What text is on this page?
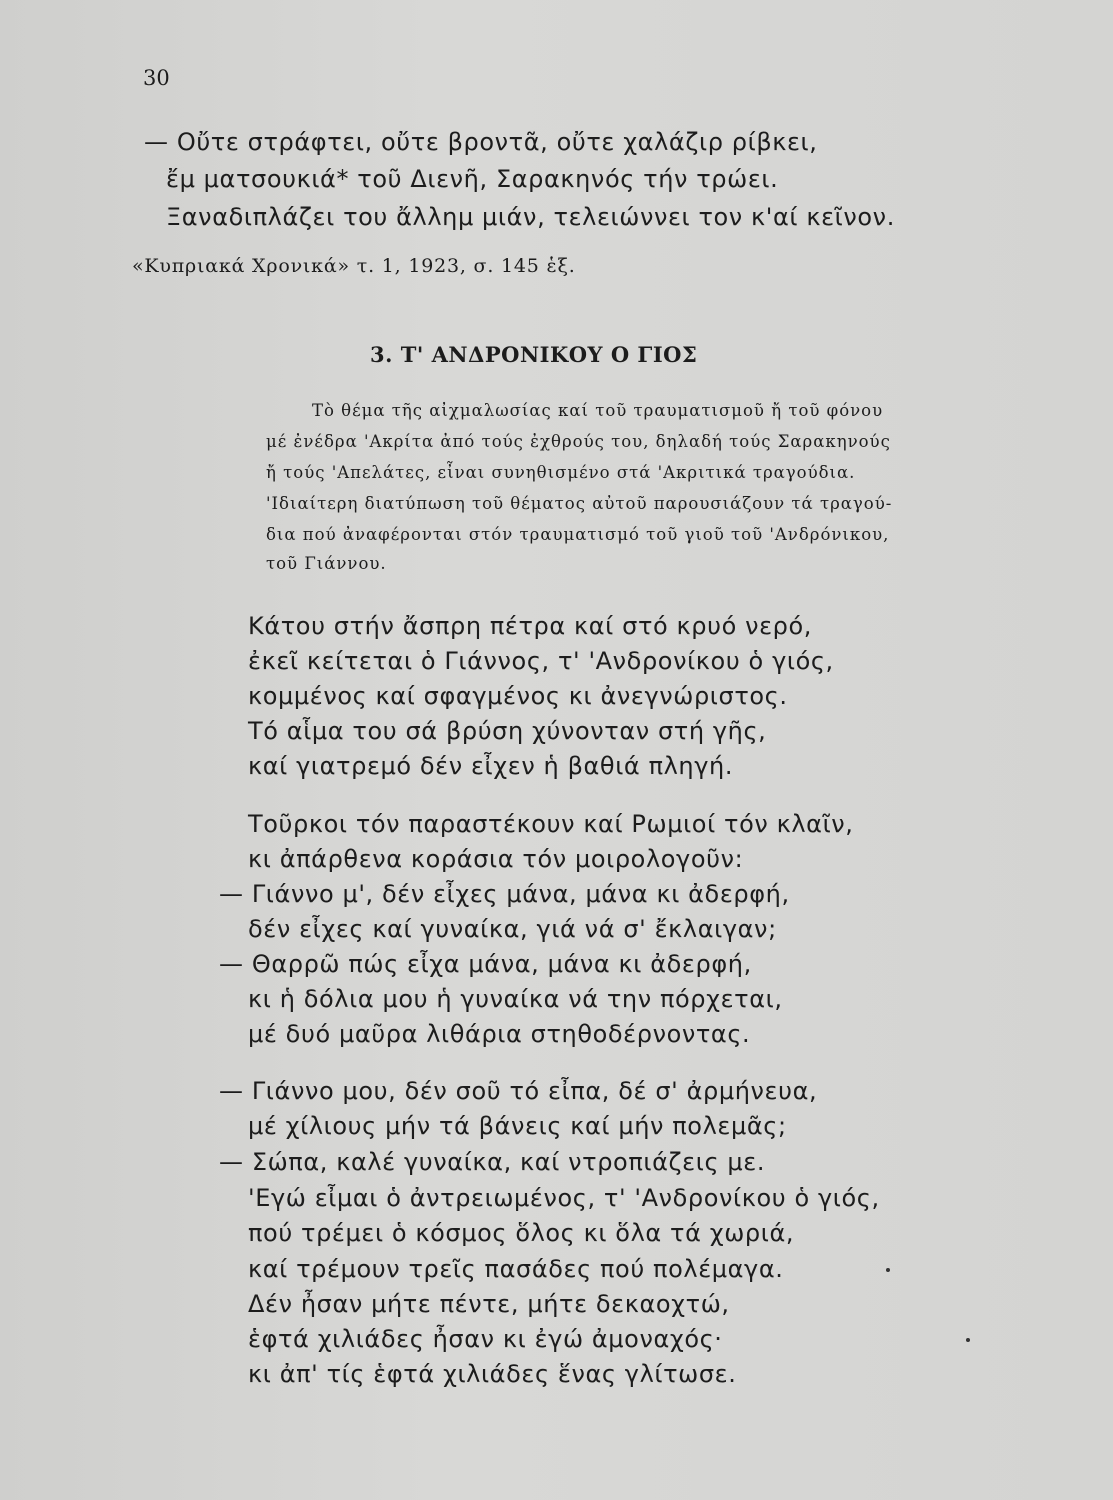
30
— Οὔτε στράφτει, οὔτε βροντᾶ, οὔτε χαλάζιρ ρίβκει,
ἔμ ματσουκιά* τοῦ Διενῆ, Σαρακηνός τήν τρώει.
Ξαναδιπλάζει του ἄλλημ μιάν, τελειώννει τον κ'αί κεῖνον.
«Κυπριακά Χρονικά» τ. 1, 1923, σ. 145 ἑξ.
3. Τ' ΑΝΔΡΟΝΙΚΟΥ Ο ΓΙΟΣ
Τὸ θέμα τῆς αἰχμαλωσίας καί τοῦ τραυματισμοῦ ἤ τοῦ φόνου
μέ ἐνέδρα 'Ακρίτα ἀπό τούς ἐχθρούς του, δηλαδή τούς Σαρακηνούς
ἤ τούς 'Απελάτες, εἶναι συνηθισμένο στά 'Ακριτικά τραγούδια.
'Ιδιαίτερη διατύπωση τοῦ θέματος αὐτοῦ παρουσιάζουν τά τραγού-
δια πού ἀναφέρονται στόν τραυματισμό τοῦ γιοῦ τοῦ 'Ανδρόνικου,
τοῦ Γιάννου.
Κάτου στήν ἄσπρη πέτρα καί στό κρυό νερό,
ἐκεῖ κείτεται ὁ Γιάννος, τ' 'Ανδρονίκου ὁ γιός,
κομμένος καί σφαγμένος κι ἀνεγνώριστος.
Τό αἷμα του σά βρύση χύνονταν στή γῆς,
καί γιατρεμό δέν εἶχεν ἡ βαθιά πληγή.
Τοῦρκοι τόν παραστέκουν καί Ρωμιοί τόν κλαῖν,
κι ἀπάρθενα κοράσια τόν μοιρολογοῦν:
— Γιάννο μ', δέν εἶχες μάνα, μάνα κι ἀδερφή,
δέν εἶχες καί γυναίκα, γιά νά σ' ἔκλαιγαν;
— Θαρρῶ πώς εἶχα μάνα, μάνα κι ἀδερφή,
κι ἡ δόλια μου ἡ γυναίκα νά την πόρχεται,
μέ δυό μαῦρα λιθάρια στηθοδέρνοντας.
— Γιάννο μου, δέν σοῦ τό εἶπα, δέ σ' ἀρμήνευα,
μέ χίλιους μήν τά βάνεις καί μήν πολεμᾶς;
— Σώπα, καλέ γυναίκα, καί ντροπιάζεις με.
'Εγώ εἶμαι ὁ ἀντρειωμένος, τ' 'Ανδρονίκου ὁ γιός,
πού τρέμει ὁ κόσμος ὅλος κι ὅλα τά χωριά,
καί τρέμουν τρεῖς πασάδες πού πολέμαγα.
Δέν ἦσαν μήτε πέντε, μήτε δεκαοχτώ,
ἑφτά χιλιάδες ἦσαν κι ἐγώ ἀμοναχός·
κι ἀπ' τίς ἑφτά χιλιάδες ἕνας γλίτωσε.
